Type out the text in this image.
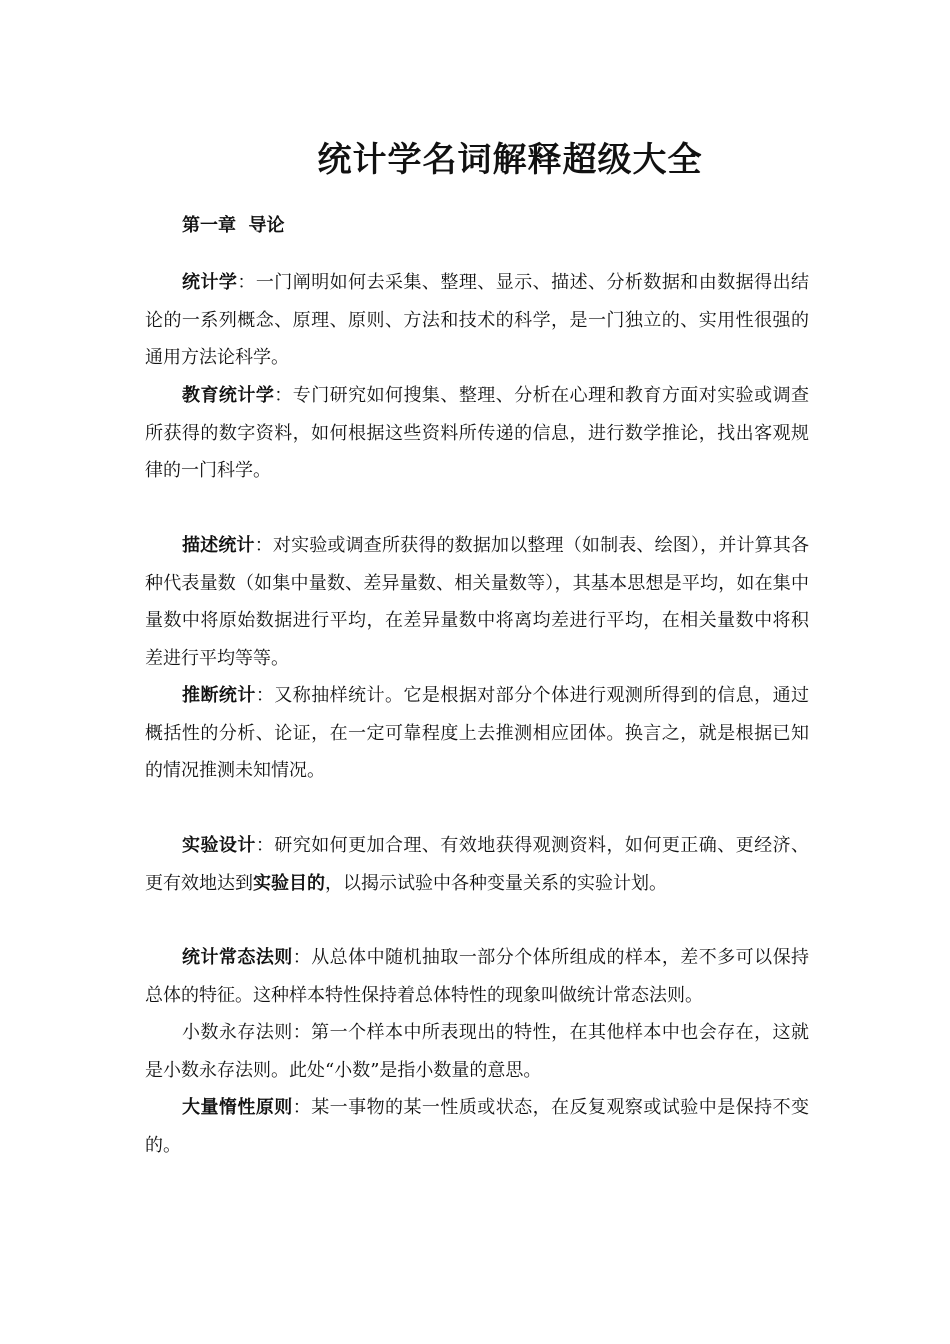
统计学名词解释超级大全
第一章  导论

统计学：一门阐明如何去采集、整理、显示、描述、分析数据和由数据得出结论的一系列概念、原理、原则、方法和技术的科学，是一门独立的、实用性很强的通用方法论科学。

教育统计学：专门研究如何搜集、整理、分析在心理和教育方面对实验或调查所获得的数字资料，如何根据这些资料所传递的信息，进行数学推论，找出客观规律的一门科学。

描述统计：对实验或调查所获得的数据加以整理（如制表、绘图），并计算其各种代表量数（如集中量数、差异量数、相关量数等），其基本思想是平均，如在集中量数中将原始数据进行平均，在差异量数中将离均差进行平均，在相关量数中将积差进行平均等等。

推断统计：又称抽样统计。它是根据对部分个体进行观测所得到的信息，通过概括性的分析、论证，在一定可靠程度上去推测相应团体。换言之，就是根据已知的情况推测未知情况。

实验设计：研究如何更加合理、有效地获得观测资料，如何更正确、更经济、更有效地达到实验目的，以揭示试验中各种变量关系的实验计划。

统计常态法则：从总体中随机抽取一部分个体所组成的样本，差不多可以保持总体的特征。这种样本特性保持着总体特性的现象叫做统计常态法则。

小数永存法则：第一个样本中所表现出的特性，在其他样本中也会存在，这就是小数永存法则。此处“小数”是指小数量的意思。

大量惰性原则：某一事物的某一性质或状态，在反复观察或试验中是保持不变的。
